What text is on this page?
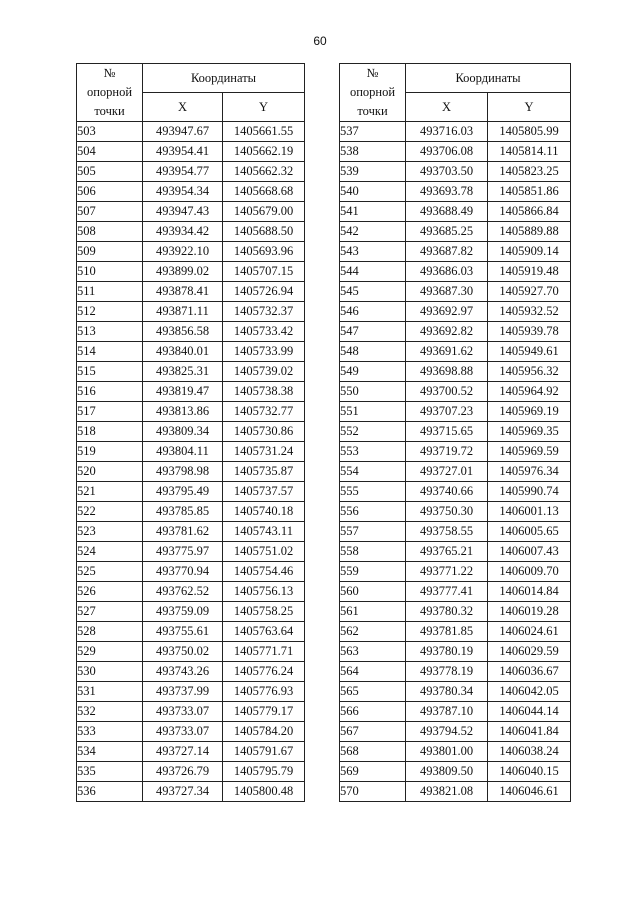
60
№
опорной
точки	Координаты	
	X	Y
503	493947.67	1405661.55
504	493954.41	1405662.19
505	493954.77	1405662.32
506	493954.34	1405668.68
507	493947.43	1405679.00
508	493934.42	1405688.50
509	493922.10	1405693.96
510	493899.02	1405707.15
511	493878.41	1405726.94
512	493871.11	1405732.37
513	493856.58	1405733.42
514	493840.01	1405733.99
515	493825.31	1405739.02
516	493819.47	1405738.38
517	493813.86	1405732.77
518	493809.34	1405730.86
519	493804.11	1405731.24
520	493798.98	1405735.87
521	493795.49	1405737.57
522	493785.85	1405740.18
523	493781.62	1405743.11
524	493775.97	1405751.02
525	493770.94	1405754.46
526	493762.52	1405756.13
527	493759.09	1405758.25
528	493755.61	1405763.64
529	493750.02	1405771.71
530	493743.26	1405776.24
531	493737.99	1405776.93
532	493733.07	1405779.17
533	493733.07	1405784.20
534	493727.14	1405791.67
535	493726.79	1405795.79
536	493727.34	1405800.48
№
опорной
точки	Координаты	
	X	Y
537	493716.03	1405805.99
538	493706.08	1405814.11
539	493703.50	1405823.25
540	493693.78	1405851.86
541	493688.49	1405866.84
542	493685.25	1405889.88
543	493687.82	1405909.14
544	493686.03	1405919.48
545	493687.30	1405927.70
546	493692.97	1405932.52
547	493692.82	1405939.78
548	493691.62	1405949.61
549	493698.88	1405956.32
550	493700.52	1405964.92
551	493707.23	1405969.19
552	493715.65	1405969.35
553	493719.72	1405969.59
554	493727.01	1405976.34
555	493740.66	1405990.74
556	493750.30	1406001.13
557	493758.55	1406005.65
558	493765.21	1406007.43
559	493771.22	1406009.70
560	493777.41	1406014.84
561	493780.32	1406019.28
562	493781.85	1406024.61
563	493780.19	1406029.59
564	493778.19	1406036.67
565	493780.34	1406042.05
566	493787.10	1406044.14
567	493794.52	1406041.84
568	493801.00	1406038.24
569	493809.50	1406040.15
570	493821.08	1406046.61
